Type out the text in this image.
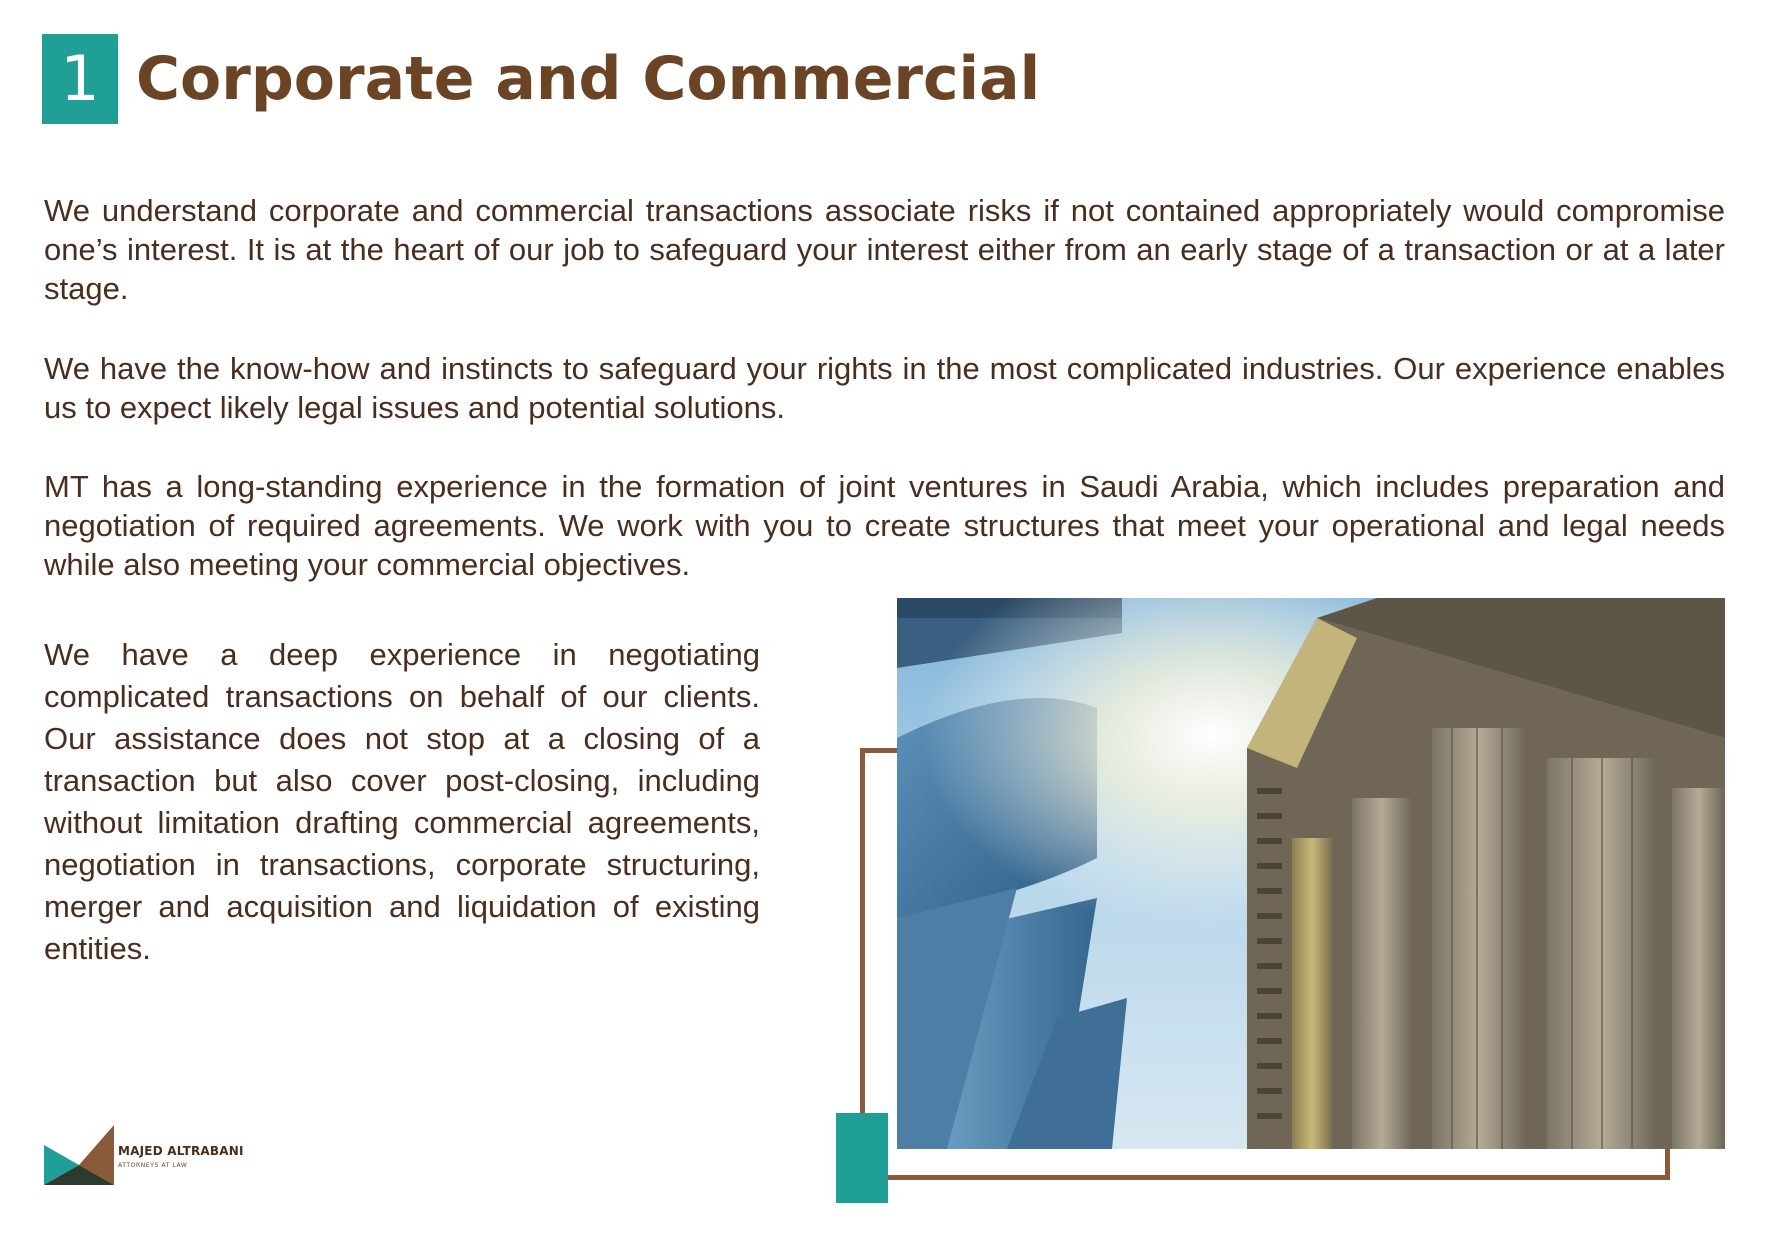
1 Corporate and Commercial

We understand corporate and commercial transactions associate risks if not contained appropriately would compromise one’s interest. It is at the heart of our job to safeguard your interest either from an early stage of a transaction or at a later stage.

We have the know-how and instincts to safeguard your rights in the most complicated industries. Our experience enables us to expect likely legal issues and potential solutions.

MT has a long-standing experience in the formation of joint ventures in Saudi Arabia, which includes preparation and negotiation of required agreements. We work with you to create structures that meet your operational and legal needs while also meeting your commercial objectives.

We have a deep experience in negotiating complicated transactions on behalf of our clients. Our assistance does not stop at a closing of a transaction but also cover post-closing, including without limitation drafting commercial agreements, negotiation in transactions, corporate structuring, merger and acquisition and liquidation of existing entities.

MAJED ALTRABANI
ATTORNEYS AT LAW
